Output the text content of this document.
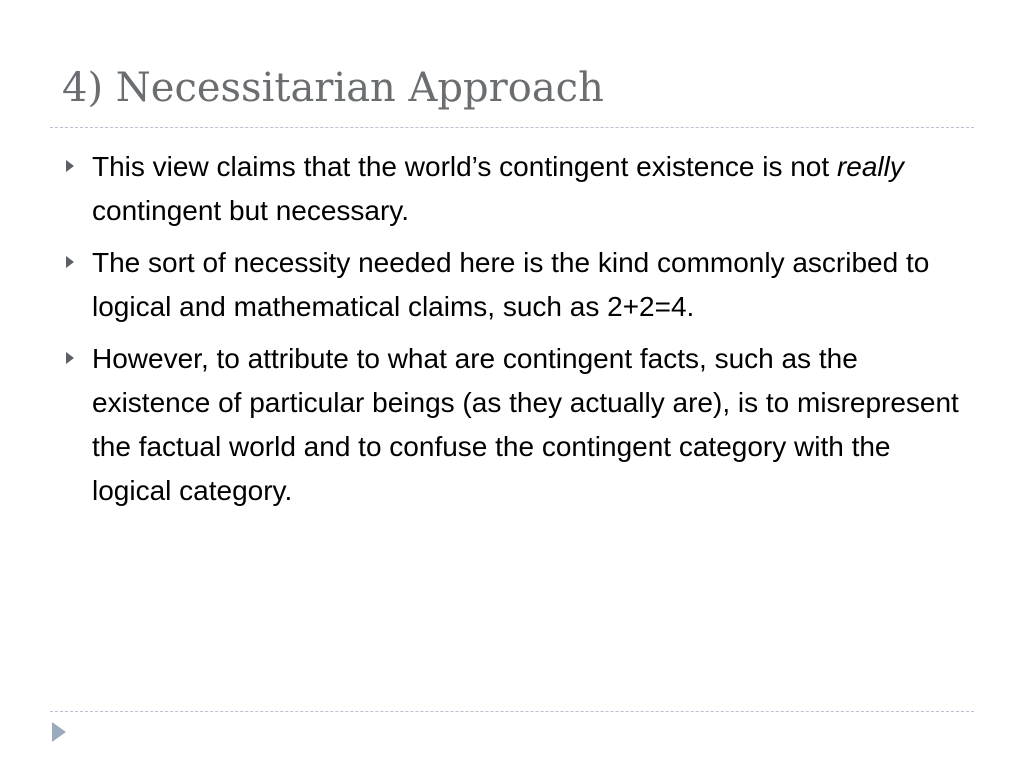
4) Necessitarian Approach
This view claims that the world’s contingent existence is not really contingent but necessary.
The sort of necessity needed here is the kind commonly ascribed to logical and mathematical claims, such as 2+2=4.
However, to attribute to what are contingent facts, such as the existence of particular beings (as they actually are), is to misrepresent the factual world and to confuse the contingent category with the logical category.
